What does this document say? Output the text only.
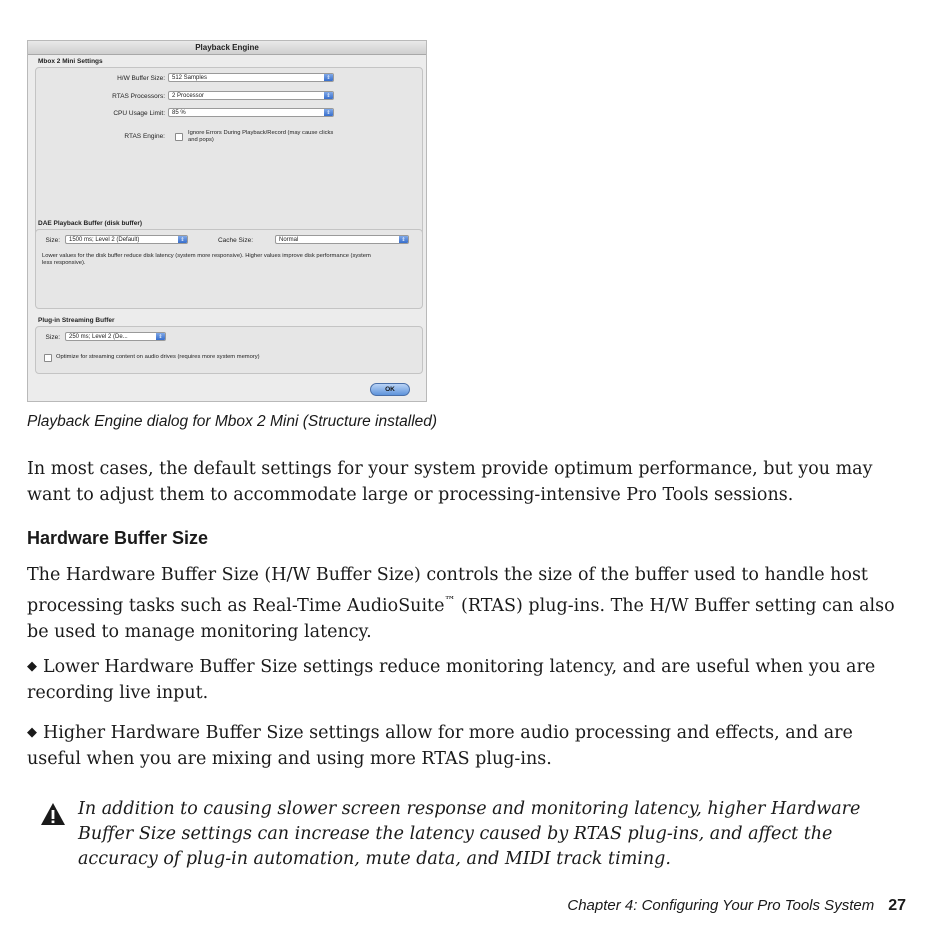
Playback Engine
Mbox 2 Mini Settings
H/W Buffer Size:	512 Samples	⇕
RTAS Processors:	2 Processor	⇕
CPU Usage Limit:	85 %	⇕
RTAS Engine:	Ignore Errors During Playback/Record (may cause clicks and pops)
DAE Playback Buffer (disk buffer)
Size:	1500 ms; Level 2 (Default)	⇕	Cache Size:	Normal	⇕
Lower values for the disk buffer reduce disk latency (system more responsive). Higher values improve disk performance (system less responsive).
Plug-in Streaming Buffer
Size:	250 ms; Level 2 (De...	⇕
Optimize for streaming content on audio drives (requires more system memory)
OK
Playback Engine dialog for Mbox 2 Mini (Structure installed)
In most cases, the default settings for your system provide optimum performance, but you may want to adjust them to accommodate large or processing-intensive Pro Tools sessions.
Hardware Buffer Size
The Hardware Buffer Size (H/W Buffer Size) controls the size of the buffer used to handle host processing tasks such as Real-Time AudioSuite™ (RTAS) plug-ins. The H/W Buffer setting can also be used to manage monitoring latency.
◆ Lower Hardware Buffer Size settings reduce monitoring latency, and are useful when you are recording live input.
◆ Higher Hardware Buffer Size settings allow for more audio processing and effects, and are useful when you are mixing and using more RTAS plug-ins.
In addition to causing slower screen response and monitoring latency, higher Hardware Buffer Size settings can increase the latency caused by RTAS plug-ins, and affect the accuracy of plug-in automation, mute data, and MIDI track timing.
Chapter 4: Configuring Your Pro Tools System 27
